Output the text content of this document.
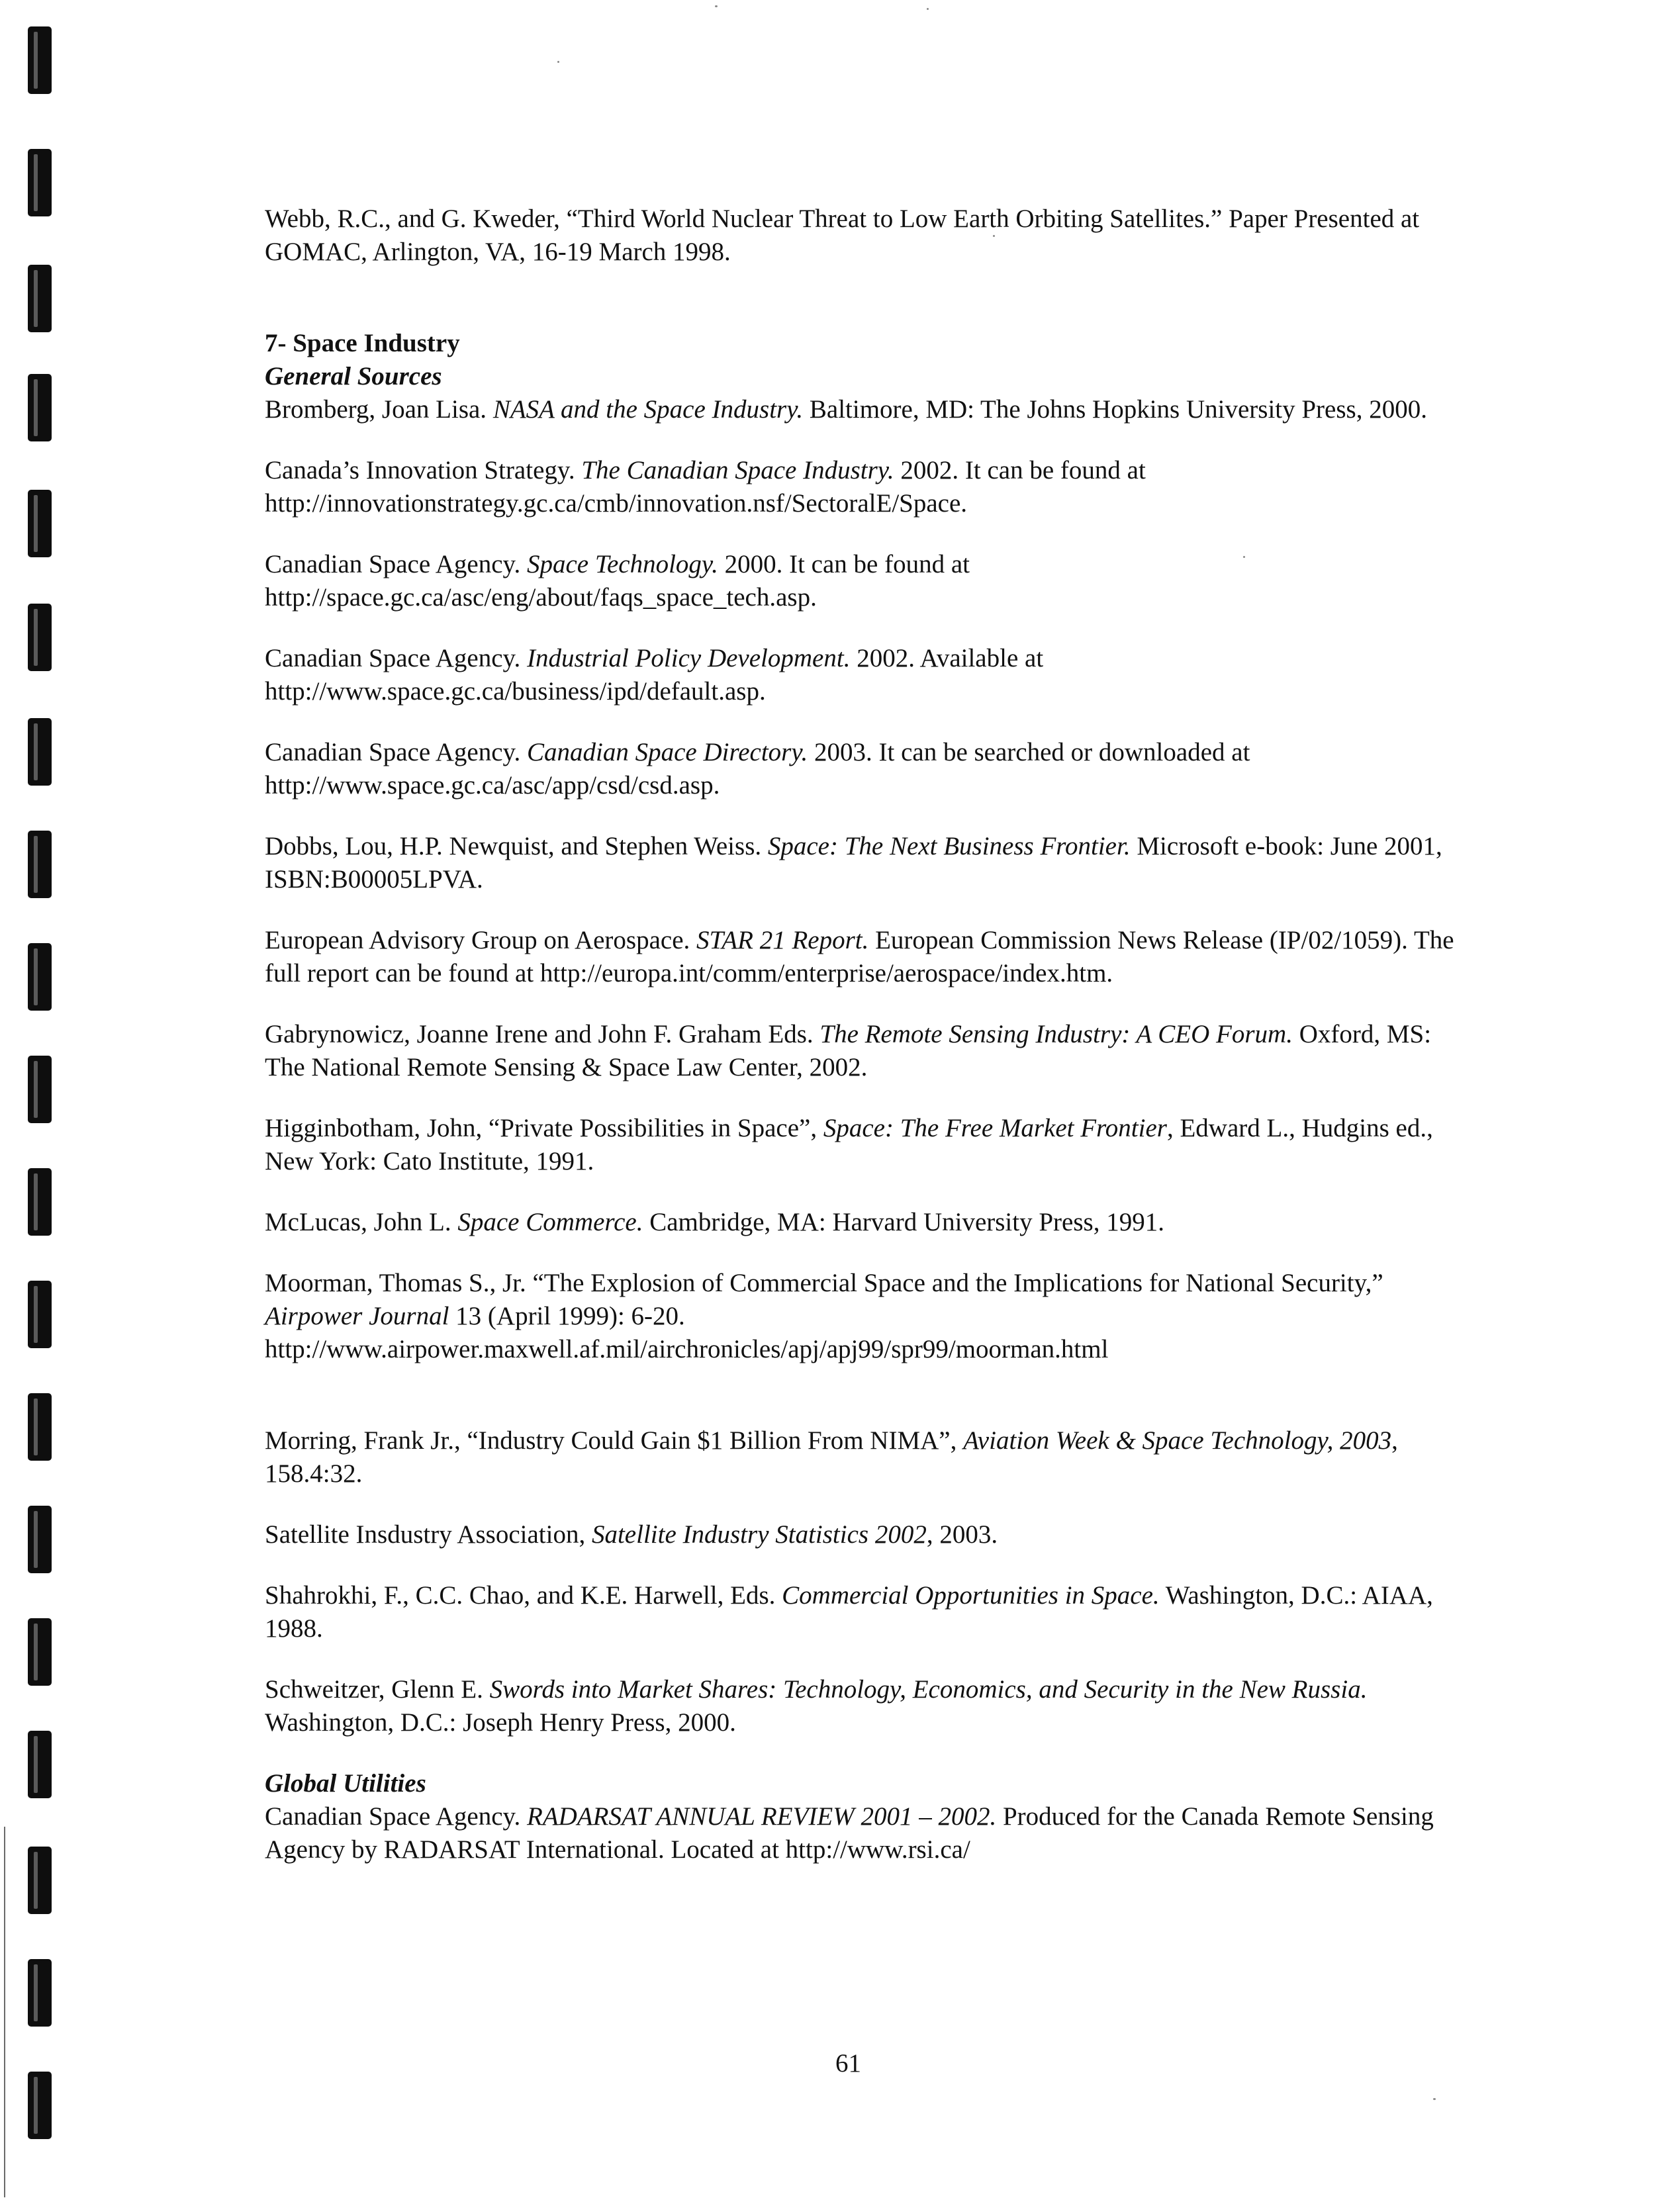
Webb, R.C., and G. Kweder, “Third World Nuclear Threat to Low Earth Orbiting Satellites.” Paper Presented at GOMAC, Arlington, VA, 16-19 March 1998.

7- Space Industry
General Sources

Bromberg, Joan Lisa. NASA and the Space Industry. Baltimore, MD: The Johns Hopkins University Press, 2000.

Canada’s Innovation Strategy. The Canadian Space Industry. 2002. It can be found at http://innovationstrategy.gc.ca/cmb/innovation.nsf/SectoralE/Space.

Canadian Space Agency. Space Technology. 2000. It can be found at http://space.gc.ca/asc/eng/about/faqs_space_tech.asp.

Canadian Space Agency. Industrial Policy Development. 2002. Available at http://www.space.gc.ca/business/ipd/default.asp.

Canadian Space Agency. Canadian Space Directory. 2003. It can be searched or downloaded at http://www.space.gc.ca/asc/app/csd/csd.asp.

Dobbs, Lou, H.P. Newquist, and Stephen Weiss. Space: The Next Business Frontier. Microsoft e-book: June 2001, ISBN:B00005LPVA.

European Advisory Group on Aerospace. STAR 21 Report. European Commission News Release (IP/02/1059). The full report can be found at http://europa.int/comm/enterprise/aerospace/index.htm.

Gabrynowicz, Joanne Irene and John F. Graham Eds. The Remote Sensing Industry: A CEO Forum. Oxford, MS: The National Remote Sensing & Space Law Center, 2002.

Higginbotham, John, “Private Possibilities in Space”, Space: The Free Market Frontier, Edward L., Hudgins ed., New York: Cato Institute, 1991.

McLucas, John L. Space Commerce. Cambridge, MA: Harvard University Press, 1991.

Moorman, Thomas S., Jr. “The Explosion of Commercial Space and the Implications for National Security,” Airpower Journal 13 (April 1999): 6-20. http://www.airpower.maxwell.af.mil/airchronicles/apj/apj99/spr99/moorman.html

Morring, Frank Jr., “Industry Could Gain $1 Billion From NIMA”, Aviation Week & Space Technology, 2003, 158.4:32.

Satellite Insdustry Association, Satellite Industry Statistics 2002, 2003.

Shahrokhi, F., C.C. Chao, and K.E. Harwell, Eds. Commercial Opportunities in Space. Washington, D.C.: AIAA, 1988.

Schweitzer, Glenn E. Swords into Market Shares: Technology, Economics, and Security in the New Russia. Washington, D.C.: Joseph Henry Press, 2000.

Global Utilities

Canadian Space Agency. RADARSAT ANNUAL REVIEW 2001 – 2002. Produced for the Canada Remote Sensing Agency by RADARSAT International. Located at http://www.rsi.ca/

61
